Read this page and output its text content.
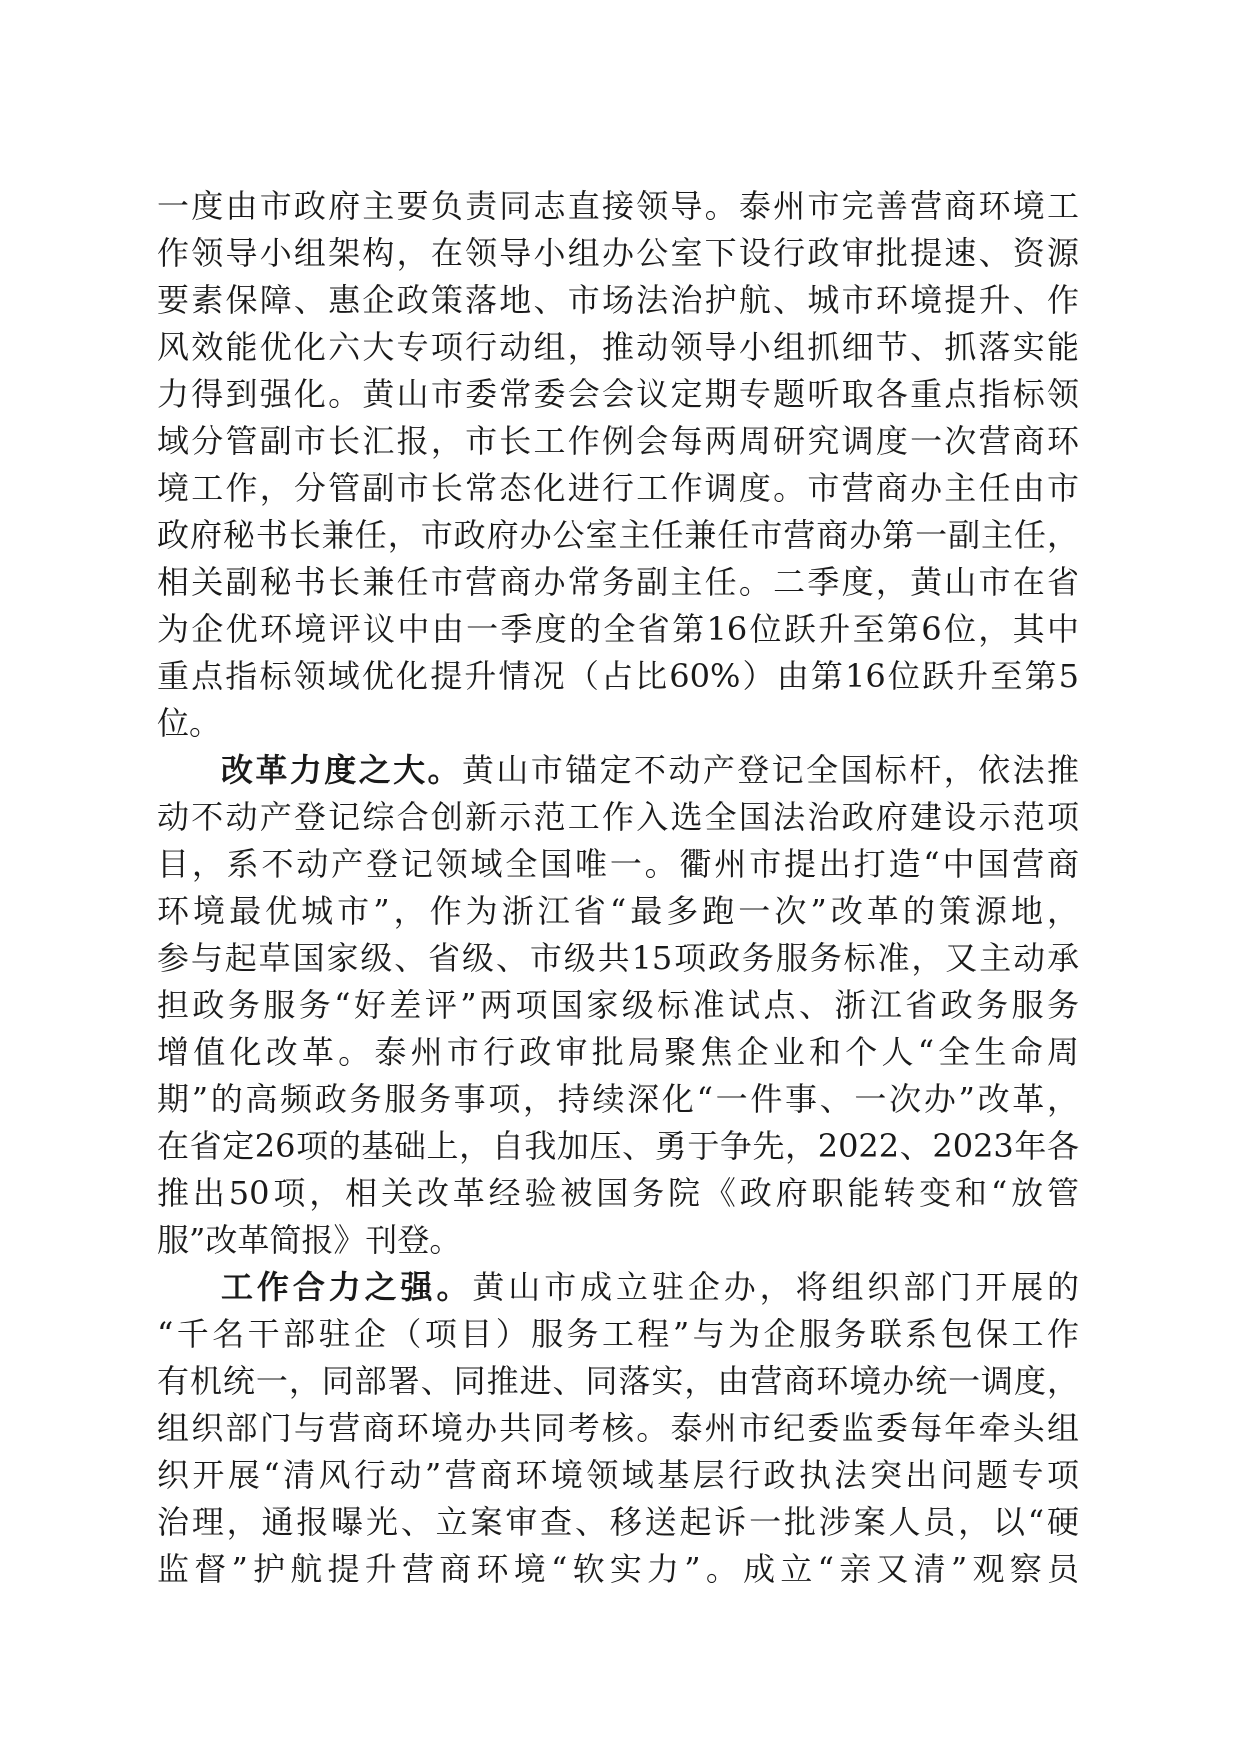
一度由市政府主要负责同志直接领导。泰州市完善营商环境工
作领导小组架构，在领导小组办公室下设行政审批提速、资源
要素保障、惠企政策落地、市场法治护航、城市环境提升、作
风效能优化六大专项行动组，推动领导小组抓细节、抓落实能
力得到强化。黄山市委常委会会议定期专题听取各重点指标领
域分管副市长汇报，市长工作例会每两周研究调度一次营商环
境工作，分管副市长常态化进行工作调度。市营商办主任由市
政府秘书长兼任，市政府办公室主任兼任市营商办第一副主任，
相关副秘书长兼任市营商办常务副主任。二季度，黄山市在省
为企优环境评议中由一季度的全省第16位跃升至第6位，其中
重点指标领域优化提升情况（占比60%）由第16位跃升至第5
位。
改革力度之大。黄山市锚定不动产登记全国标杆，依法推
动不动产登记综合创新示范工作入选全国法治政府建设示范项
目，系不动产登记领域全国唯一。衢州市提出打造“中国营商
环境最优城市”，作为浙江省“最多跑一次”改革的策源地，
参与起草国家级、省级、市级共15项政务服务标准，又主动承
担政务服务“好差评”两项国家级标准试点、浙江省政务服务
增值化改革。泰州市行政审批局聚焦企业和个人“全生命周
期”的高频政务服务事项，持续深化“一件事、一次办”改革，
在省定26项的基础上，自我加压、勇于争先，2022、2023年各
推出50项，相关改革经验被国务院《政府职能转变和“放管
服”改革简报》刊登。
工作合力之强。黄山市成立驻企办，将组织部门开展的
“千名干部驻企（项目）服务工程”与为企服务联系包保工作
有机统一，同部署、同推进、同落实，由营商环境办统一调度，
组织部门与营商环境办共同考核。泰州市纪委监委每年牵头组
织开展“清风行动”营商环境领域基层行政执法突出问题专项
治理，通报曝光、立案审查、移送起诉一批涉案人员，以“硬
监督”护航提升营商环境“软实力”。成立“亲又清”观察员
